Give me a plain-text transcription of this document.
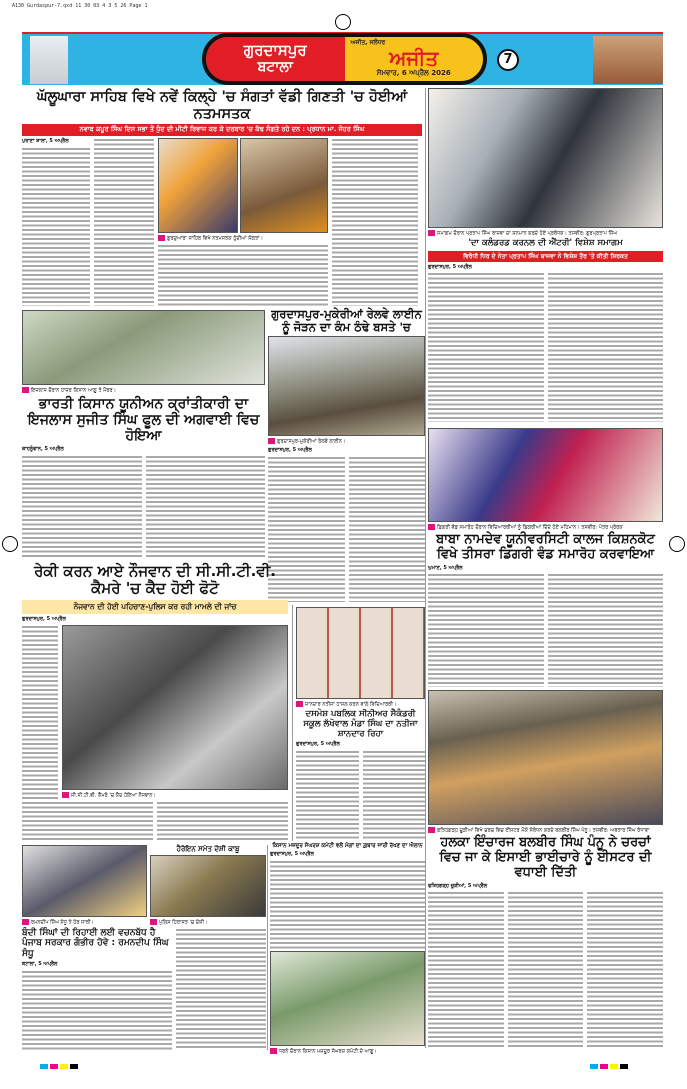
A130 Gurdaspur-7.qxd 11 30 03 4 3 5 26 Page 1
ਗੁਰਦਾਸਪੁਰ
ਬਟਾਲਾ
ਅਜੀਤ, ਜਲੰਧਰ
ਅਜੀਤ
ਸੋਮਵਾਰ, 6 ਅਪ੍ਰੈਲ 2026
7
ਘੱਲੂਘਾਰਾ ਸਾਹਿਬ ਵਿਖੇ ਨਵੇਂ ਕਿਲ੍ਹੇ 'ਚ ਸੰਗਤਾਂ ਵੱਡੀ ਗਿਣਤੀ 'ਚ ਹੋਈਆਂ ਨਤਮਸਤਕ
ਨਵਾਬ ਕਪੂਰ ਸਿੰਘ ਦਿਸ ਸਭਾ ਤੋਂ ਧੁੰਦ ਦੀ ਮੀਟੀ ਰਿਵਾਜ ਕਰ ਕੇ ਦਰਬਾਰ 'ਚ ਕੱਢ ਸੰਗਤੇ ਰਹੇ ਦਨ : ਪ੍ਰਧਾਨ ਮਾ. ਜੋਹਰ ਸਿੰਘ
ਪੁਰਾਣਾ ਸ਼ਾਲਾ, 5 ਅਪ੍ਰੈਲ
ਗੁਰਦੁਆਰਾ ਸਾਹਿਬ ਵਿਖੇ ਨਤਮਸਤਕ ਹੁੰਦੀਆਂ ਸੰਗਤਾਂ।
ਸਮਾਗਮ ਦੌਰਾਨ ਪ੍ਰਤਾਪ ਸਿੰਘ ਬਾਜਵਾ ਦਾ ਸਨਮਾਨ ਕਰਦੇ ਹੋਏ ਪ੍ਰਬੰਧਕ। ਤਸਵੀਰ: ਗੁਰਪ੍ਰਤਾਪ ਸਿੰਘ
'ਦਾ ਕਲੰਡਰਡ ਕਰਨਲ ਦੀ ਐਂਟਰੀ' ਵਿਸ਼ੇਸ਼ ਸਮਾਗਮ
ਵਿਰੋਧੀ ਧਿਰ ਦੇ ਨੇਤਾ ਪ੍ਰਤਾਪ ਸਿੰਘ ਬਾਜਵਾ ਨੇ ਵਿਸ਼ੇਸ਼ ਤੌਰ 'ਤੇ ਕੀਤੀ ਸ਼ਿਰਕਤ
ਗੁਰਦਾਸਪੁਰ, 5 ਅਪ੍ਰੈਲ
ਇਜਲਾਸ ਦੌਰਾਨ ਹਾਜ਼ਰ ਕਿਸਾਨ ਆਗੂ ਤੇ ਮੈਂਬਰ।
ਭਾਰਤੀ ਕਿਸਾਨ ਯੂਨੀਅਨ ਕ੍ਰਾਂਤੀਕਾਰੀ ਦਾ ਇਜਲਾਸ ਸੁਜੀਤ ਸਿੰਘ ਫੂਲ ਦੀ ਅਗਵਾਈ ਵਿਚ ਹੋਇਆ
ਕਾਹਨੂੰਵਾਨ, 5 ਅਪ੍ਰੈਲ
ਗੁਰਦਾਸਪੁਰ-ਮੁਕੇਰੀਆਂ ਰੇਲਵੇ ਲਾਈਨ ਨੂੰ ਜੋੜਨ ਦਾ ਕੰਮ ਠੰਢੇ ਬਸਤੇ 'ਚ
ਗੁਰਦਾਸਪੁਰ-ਮੁਕੇਰੀਆਂ ਰੇਲਵੇ ਲਾਈਨ।
ਗੁਰਦਾਸਪੁਰ, 5 ਅਪ੍ਰੈਲ
ਰੇਕੀ ਕਰਨ ਆਏ ਨੌਜਵਾਨ ਦੀ ਸੀ.ਸੀ.ਟੀ.ਵੀ. ਕੈਮਰੇ 'ਚ ਕੈਦ ਹੋਈ ਫੋਟੋ
ਨੌਜਵਾਨ ਦੀ ਹੋਈ ਪਹਿਚਾਣ-ਪੁਲਿਸ ਕਰ ਰਹੀ ਮਾਮਲੇ ਦੀ ਜਾਂਚ
ਗੁਰਦਾਸਪੁਰ, 5 ਅਪ੍ਰੈਲ
ਸੀ.ਸੀ.ਟੀ.ਵੀ. ਕੈਮਰੇ 'ਚ ਕੈਦ ਹੋਇਆ ਨੌਜਵਾਨ।
ਸ਼ਾਨਦਾਰ ਨਤੀਜਾ ਹਾਸਲ ਕਰਨ ਵਾਲੇ ਵਿਦਿਆਰਥੀ।
ਦਸਮੇਸ਼ ਪਬਲਿਕ ਸੀਨੀਅਰ ਸੈਕੰਡਰੀ ਸਕੂਲ ਲੱਖੋਵਾਲ ਮੰਡਾ ਸਿੰਘ ਦਾ ਨਤੀਜਾ ਸ਼ਾਨਦਾਰ ਰਿਹਾ
ਗੁਰਦਾਸਪੁਰ, 5 ਅਪ੍ਰੈਲ
ਡਿਗਰੀ ਵੰਡ ਸਮਾਰੋਹ ਦੌਰਾਨ ਵਿਦਿਆਰਥੀਆਂ ਨੂੰ ਡਿਗਰੀਆਂ ਦਿੰਦੇ ਹੋਏ ਮਹਿਮਾਨ। ਤਸਵੀਰ: ਪੱਤਰ ਪ੍ਰੇਰਕ
ਬਾਬਾ ਨਾਮਦੇਵ ਯੂਨੀਵਰਸਿਟੀ ਕਾਲਜ ਕਿਸ਼ਨਕੋਟ ਵਿਖੇ ਤੀਸਰਾ ਡਿਗਰੀ ਵੰਡ ਸਮਾਰੋਹ ਕਰਵਾਇਆ
ਘੁਮਾਣ, 5 ਅਪ੍ਰੈਲ
ਫਤਿਹਗੜ੍ਹ ਚੂੜੀਆਂ ਵਿਖੇ ਚਰਚ ਵਿਚ ਈਸਟਰ ਮੌਕੇ ਸੰਬੋਧਨ ਕਰਦੇ ਬਲਬੀਰ ਸਿੰਘ ਪੰਨੂ। ਤਸਵੀਰ: ਅਵਤਾਰ ਸਿੰਘ ਰੰਧਾਵਾ
ਹਲਕਾ ਇੰਚਾਰਜ ਬਲਬੀਰ ਸਿੰਘ ਪੰਨੂ ਨੇ ਚਰਚਾਂ ਵਿਚ ਜਾ ਕੇ ਇਸਾਈ ਭਾਈਚਾਰੇ ਨੂੰ ਈਸਟਰ ਦੀ ਵਧਾਈ ਦਿੱਤੀ
ਫਤਿਹਗੜ੍ਹ ਚੂੜੀਆਂ, 5 ਅਪ੍ਰੈਲ
ਕਿਸਾਨ ਮਜ਼ਦੂਰ ਸੰਘਰਸ਼ ਕਮੇਟੀ ਵਲੋਂ ਮੰਗਾਂ ਦਾ ਗ਼ੁਬਾਰ ਜਾਰੀ ਰੱਖਣ ਦਾ ਐਲਾਨ
ਗੁਰਦਾਸਪੁਰ, 5 ਅਪ੍ਰੈਲ
ਧਰਨੇ ਦੌਰਾਨ ਕਿਸਾਨ ਮਜ਼ਦੂਰ ਸੰਘਰਸ਼ ਕਮੇਟੀ ਦੇ ਆਗੂ।
ਰਮਨਦੀਪ ਸਿੰਘ ਸੰਧੂ ਤੇ ਹੋਰ ਸਾਥੀ।
ਹੈਰੋਇਨ ਸਮੇਤ ਦੋਸ਼ੀ ਕਾਬੂ
ਪੁਲਿਸ ਹਿਰਾਸਤ 'ਚ ਦੋਸ਼ੀ।
ਬੰਦੀ ਸਿੰਘਾਂ ਦੀ ਰਿਹਾਈ ਲਈ ਵਚਨਬੱਧ ਹੈ ਪੰਜਾਬ ਸਰਕਾਰ ਗੰਭੀਰ ਹੋਵੇ : ਰਮਨਦੀਪ ਸਿੰਘ ਸੰਧੂ
ਬਟਾਲਾ, 5 ਅਪ੍ਰੈਲ
